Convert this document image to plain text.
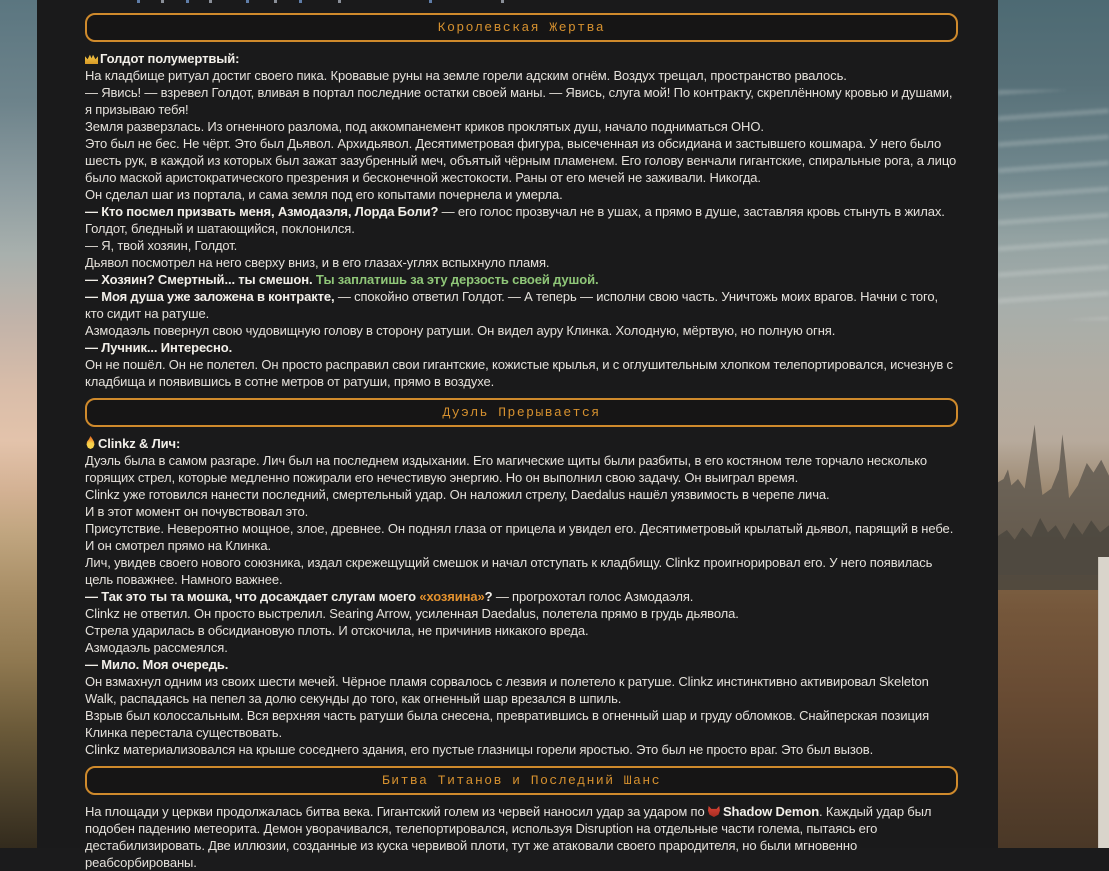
Королевская Жертва

Голдот полумертвый:

На кладбище ритуал достиг своего пика. Кровавые руны на земле горели адским огнём. Воздух трещал, пространство рвалось.

— Явись! — взревел Голдот, вливая в портал последние остатки своей маны. — Явись, слуга мой! По контракту, скреплённому кровью и душами, я призываю тебя!

Земля разверзлась. Из огненного разлома, под аккомпанемент криков проклятых душ, начало подниматься ОНО.

Это был не бес. Не чёрт. Это был Дьявол. Архидьявол. Десятиметровая фигура, высеченная из обсидиана и застывшего кошмара. У него было шесть рук, в каждой из которых был зажат зазубренный меч, объятый чёрным пламенем. Его голову венчали гигантские, спиральные рога, а лицо было маской аристократического презрения и бесконечной жестокости. Раны от его мечей не заживали. Никогда.

Он сделал шаг из портала, и сама земля под его копытами почернела и умерла.

— Кто посмел призвать меня, Азмодаэля, Лорда Боли? — его голос прозвучал не в ушах, а прямо в душе, заставляя кровь стынуть в жилах.

Голдот, бледный и шатающийся, поклонился.

— Я, твой хозяин, Голдот.

Дьявол посмотрел на него сверху вниз, и в его глазах-углях вспыхнуло пламя.

— Хозяин? Смертный... ты смешон. Ты заплатишь за эту дерзость своей душой.

— Моя душа уже заложена в контракте, — спокойно ответил Голдот. — А теперь — исполни свою часть. Уничтожь моих врагов. Начни с того, кто сидит на ратуше.

Азмодаэль повернул свою чудовищную голову в сторону ратуши. Он видел ауру Клинка. Холодную, мёртвую, но полную огня.

— Лучник... Интересно.

Он не пошёл. Он не полетел. Он просто расправил свои гигантские, кожистые крылья, и с оглушительным хлопком телепортировался, исчезнув с кладбища и появившись в сотне метров от ратуши, прямо в воздухе.

Дуэль Прерывается

Clinkz & Лич:

Дуэль была в самом разгаре. Лич был на последнем издыхании. Его магические щиты были разбиты, в его костяном теле торчало несколько горящих стрел, которые медленно пожирали его нечестивую энергию. Но он выполнил свою задачу. Он выиграл время.

Clinkz уже готовился нанести последний, смертельный удар. Он наложил стрелу, Daedalus нашёл уязвимость в черепе лича.

И в этот момент он почувствовал это.

Присутствие. Невероятно мощное, злое, древнее. Он поднял глаза от прицела и увидел его. Десятиметровый крылатый дьявол, парящий в небе. И он смотрел прямо на Клинка.

Лич, увидев своего нового союзника, издал скрежещущий смешок и начал отступать к кладбищу. Clinkz проигнорировал его. У него появилась цель поважнее. Намного важнее.

— Так это ты та мошка, что досаждает слугам моего «хозяина»? — прогрохотал голос Азмодаэля.

Clinkz не ответил. Он просто выстрелил. Searing Arrow, усиленная Daedalus, полетела прямо в грудь дьявола.

Стрела ударилась в обсидиановую плоть. И отскочила, не причинив никакого вреда.

Азмодаэль рассмеялся.

— Мило. Моя очередь.

Он взмахнул одним из своих шести мечей. Чёрное пламя сорвалось с лезвия и полетело к ратуше. Clinkz инстинктивно активировал Skeleton Walk, распадаясь на пепел за долю секунды до того, как огненный шар врезался в шпиль.

Взрыв был колоссальным. Вся верхняя часть ратуши была снесена, превратившись в огненный шар и груду обломков. Снайперская позиция Клинка перестала существовать.

Clinkz материализовался на крыше соседнего здания, его пустые глазницы горели яростью. Это был не просто враг. Это был вызов.

Битва Титанов и Последний Шанс

На площади у церкви продолжалась битва века. Гигантский голем из червей наносил удар за ударом по Shadow Demon. Каждый удар был подобен падению метеорита. Демон уворачивался, телепортировался, используя Disruption на отдельные части голема, пытаясь его дестабилизировать. Две иллюзии, созданные из куска червивой плоти, тут же атаковали своего прародителя, но были мгновенно реабсорбированы.
